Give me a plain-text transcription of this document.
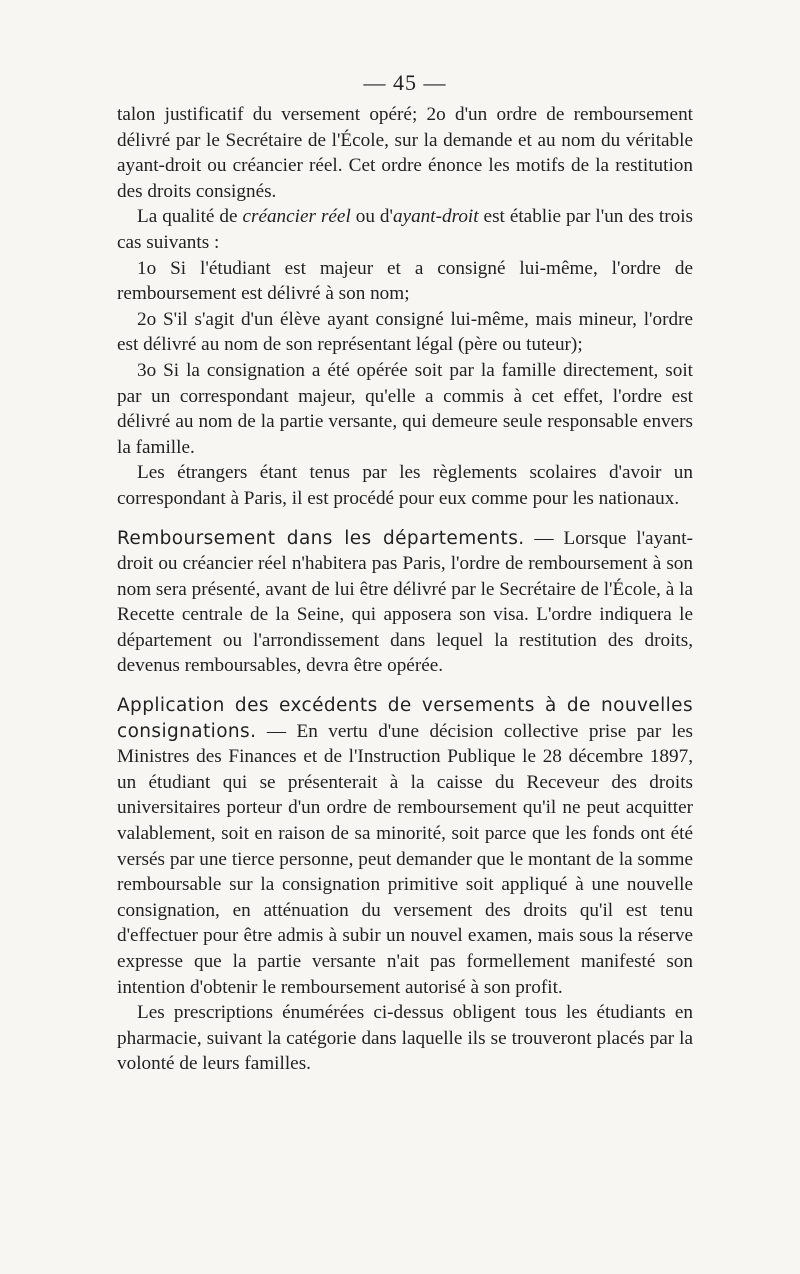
— 45 —

talon justificatif du versement opéré; 2o d'un ordre de remboursement délivré par le Secrétaire de l'École, sur la demande et au nom du véritable ayant-droit ou créancier réel. Cet ordre énonce les motifs de la restitution des droits consignés.

La qualité de créancier réel ou d'ayant-droit est établie par l'un des trois cas suivants :

1o Si l'étudiant est majeur et a consigné lui-même, l'ordre de remboursement est délivré à son nom;

2o S'il s'agit d'un élève ayant consigné lui-même, mais mineur, l'ordre est délivré au nom de son représentant légal (père ou tuteur);

3o Si la consignation a été opérée soit par la famille directement, soit par un correspondant majeur, qu'elle a commis à cet effet, l'ordre est délivré au nom de la partie versante, qui demeure seule responsable envers la famille.

Les étrangers étant tenus par les règlements scolaires d'avoir un correspondant à Paris, il est procédé pour eux comme pour les nationaux.

Remboursement dans les départements. — Lorsque l'ayant-droit ou créancier réel n'habitera pas Paris, l'ordre de remboursement à son nom sera présenté, avant de lui être délivré par le Secrétaire de l'École, à la Recette centrale de la Seine, qui apposera son visa. L'ordre indiquera le département ou l'arrondissement dans lequel la restitution des droits, devenus remboursables, devra être opérée.

Application des excédents de versements à de nouvelles consignations. — En vertu d'une décision collective prise par les Ministres des Finances et de l'Instruction Publique le 28 décembre 1897, un étudiant qui se présenterait à la caisse du Receveur des droits universitaires porteur d'un ordre de remboursement qu'il ne peut acquitter valablement, soit en raison de sa minorité, soit parce que les fonds ont été versés par une tierce personne, peut demander que le montant de la somme remboursable sur la consignation primitive soit appliqué à une nouvelle consignation, en atténuation du versement des droits qu'il est tenu d'effectuer pour être admis à subir un nouvel examen, mais sous la réserve expresse que la partie versante n'ait pas formellement manifesté son intention d'obtenir le remboursement autorisé à son profit.

Les prescriptions énumérées ci-dessus obligent tous les étudiants en pharmacie, suivant la catégorie dans laquelle ils se trouveront placés par la volonté de leurs familles.
